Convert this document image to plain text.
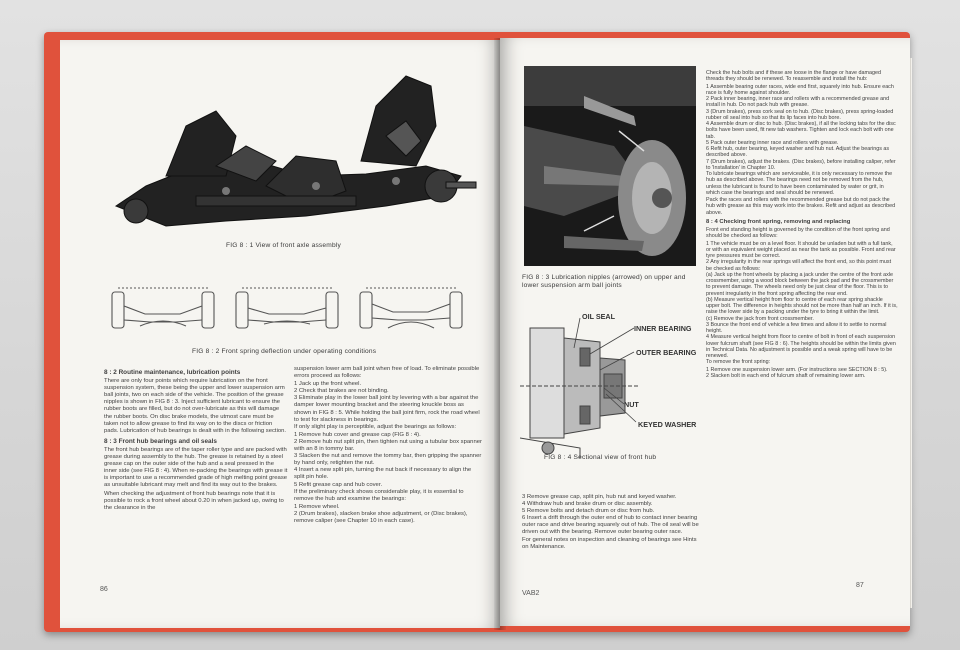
FIG 8 : 1 View of front axle assembly
FIG 8 : 2 Front spring deflection under operating conditions
8 : 2 Routine maintenance, lubrication points

There are only four points which require lubrication on the front suspension system, these being the upper and lower suspension arm ball joints, two on each side of the vehicle. The position of the grease nipples is shown in FIG 8 : 3. Inject sufficient lubricant to ensure the rubber boots are filled, but do not over-lubricate as this will damage the rubber boots. On disc brake models, the utmost care must be taken not to allow grease to find its way on to the discs or friction pads. Lubrication of hub bearings is dealt with in the following section.

8 : 3 Front hub bearings and oil seals

The front hub bearings are of the taper roller type and are packed with grease during assembly to the hub. The grease is retained by a steel grease cap on the outer side of the hub and a seal pressed in the inner side (see FIG 8 : 4). When re-packing the bearings with grease it is important to use a recommended grade of high melting point grease as unsuitable lubricant may melt and find its way out to the brakes.

When checking the adjustment of front hub bearings note that it is possible to rock a front wheel about 0.20 in when jacked up, owing to the clearance in the

suspension lower arm ball joint when free of load. To eliminate possible errors proceed as follows:

1 Jack up the front wheel.

2 Check that brakes are not binding.

3 Eliminate play in the lower ball joint by levering with a bar against the damper lower mounting bracket and the steering knuckle boss as shown in FIG 8 : 5. While holding the ball joint firm, rock the road wheel to test for slackness in bearings.

If only slight play is perceptible, adjust the bearings as follows:

1 Remove hub cover and grease cap (FIG 8 : 4).

2 Remove hub nut split pin, then tighten nut using a tubular box spanner with an 8 in tommy bar.

3 Slacken the nut and remove the tommy bar, then gripping the spanner by hand only, retighten the nut.

4 Insert a new split pin, turning the nut back if necessary to align the split pin hole.

5 Refit grease cap and hub cover.

If the preliminary check shows considerable play, it is essential to remove the hub and examine the bearings:

1 Remove wheel.

2 (Drum brakes), slacken brake shoe adjustment, or (Disc brakes), remove caliper (see Chapter 10 in each case).

86
FIG 8 : 3 Lubrication nipples (arrowed) on upper and lower suspension arm ball joints
OIL SEAL
INNER BEARING
OUTER BEARING
NUT
KEYED WASHER
FIG 8 : 4 Sectional view of front hub

3 Remove grease cap, split pin, hub nut and keyed washer.

4 Withdraw hub and brake drum or disc assembly.

5 Remove bolts and detach drum or disc from hub.

6 Insert a drift through the outer end of hub to contact inner bearing outer race and drive bearing squarely out of hub. The oil seal will be driven out with the bearing. Remove outer bearing outer race.

For general notes on inspection and cleaning of bearings see Hints on Maintenance.

Check the hub bolts and if these are loose in the flange or have damaged threads they should be renewed. To reassemble and install the hub:

1 Assemble bearing outer races, wide end first, squarely into hub. Ensure each race is fully home against shoulder.

2 Pack inner bearing, inner race and rollers with a recommended grease and install in hub. Do not pack hub with grease.

3 (Drum brakes), press cork seal on to hub. (Disc brakes), press spring-loaded rubber oil seal into hub so that its lip faces into hub bore.

4 Assemble drum or disc to hub. (Disc brakes), if all the locking tabs for the disc bolts have been used, fit new tab washers. Tighten and lock each bolt with one tab.

5 Pack outer bearing inner race and rollers with grease.

6 Refit hub, outer bearing, keyed washer and hub nut. Adjust the bearings as described above.

7 (Drum brakes), adjust the brakes. (Disc brakes), before installing caliper, refer to 'Installation' in Chapter 10.

To lubricate bearings which are serviceable, it is only necessary to remove the hub as described above. The bearings need not be removed from the hub, unless the lubricant is found to have been contaminated by water or grit, in which case the bearings and seal should be renewed.

Pack the races and rollers with the recommended grease but do not pack the hub with grease as this may work into the brakes. Refit and adjust as described above.

8 : 4 Checking front spring, removing and replacing

Front end standing height is governed by the condition of the front spring and should be checked as follows:

1 The vehicle must be on a level floor. It should be unladen but with a full tank, or with an equivalent weight placed as near the tank as possible. Front and rear tyre pressures must be correct.

2 Any irregularity in the rear springs will affect the front end, so this point must be checked as follows:

(a) Jack up the front wheels by placing a jack under the centre of the front axle crossmember, using a wood block between the jack pad and the crossmember to prevent damage. The wheels need only be just clear of the floor. This is to prevent irregularity in the front spring affecting the rear end.

(b) Measure vertical height from floor to centre of each rear spring shackle upper bolt. The difference in heights should not be more than half an inch. If it is, raise the lower side by a packing under the tyre to bring it within the limit.

(c) Remove the jack from front crossmember.

3 Bounce the front end of vehicle a few times and allow it to settle to normal height.

4 Measure vertical height from floor to centre of bolt in front of each suspension lower fulcrum shaft (see FIG 8 : 6). The heights should be within the limits given in Technical Data. No adjustment is possible and a weak spring will have to be renewed.

To remove the front spring:

1 Remove one suspension lower arm. (For instructions see SECTION 8 : 5).

2 Slacken bolt in each end of fulcrum shaft of remaining lower arm.

VAB2
87
